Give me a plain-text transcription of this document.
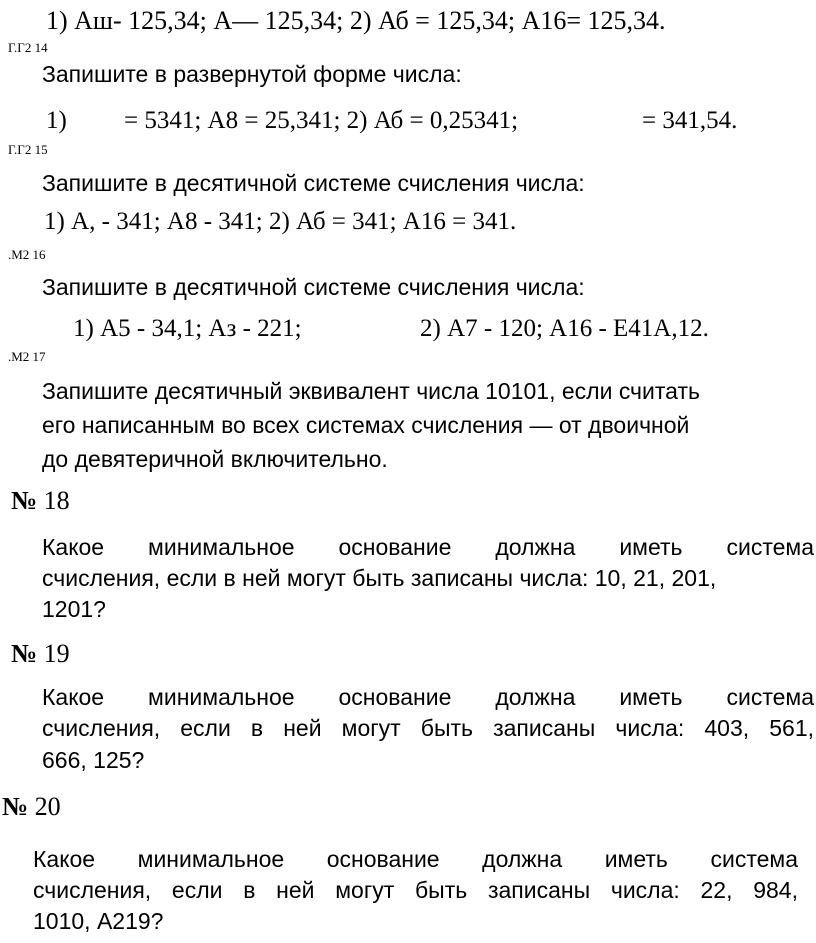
1) Аш- 125,34; А— 125,34; 2) Аб = 125,34; А16= 125,34.
Г.Г2 14
Запишите в развернутой форме числа:
1) = 5341; А8 = 25,341; 2) Аб = 0,25341;	= 341,54.
Г.Г2 15
Запишите в десятичной системе счисления числа:
1) А, - 341; А8 - 341; 2) Аб = 341; А16 = 341.
.М2 16
Запишите в десятичной системе счисления числа:
1) А5 - 34,1; Аз - 221;	2) А7 - 120; А16 - Е41А,12.
.М2 17
Запишите десятичный эквивалент числа 10101, если считать
его написанным во всех системах счисления — от двоичной
до девятеричной включительно.
№ 18
Какое минимальное основание должна иметь система
счисления, если в ней могут быть записаны числа: 10, 21, 201,
1201?
№ 19
Какое минимальное основание должна иметь система
счисления, если в ней могут быть записаны числа: 403, 561,
666, 125?
№ 20
Какое минимальное основание должна иметь система
счисления, если в ней могут быть записаны числа: 22, 984,
1010, А219?
